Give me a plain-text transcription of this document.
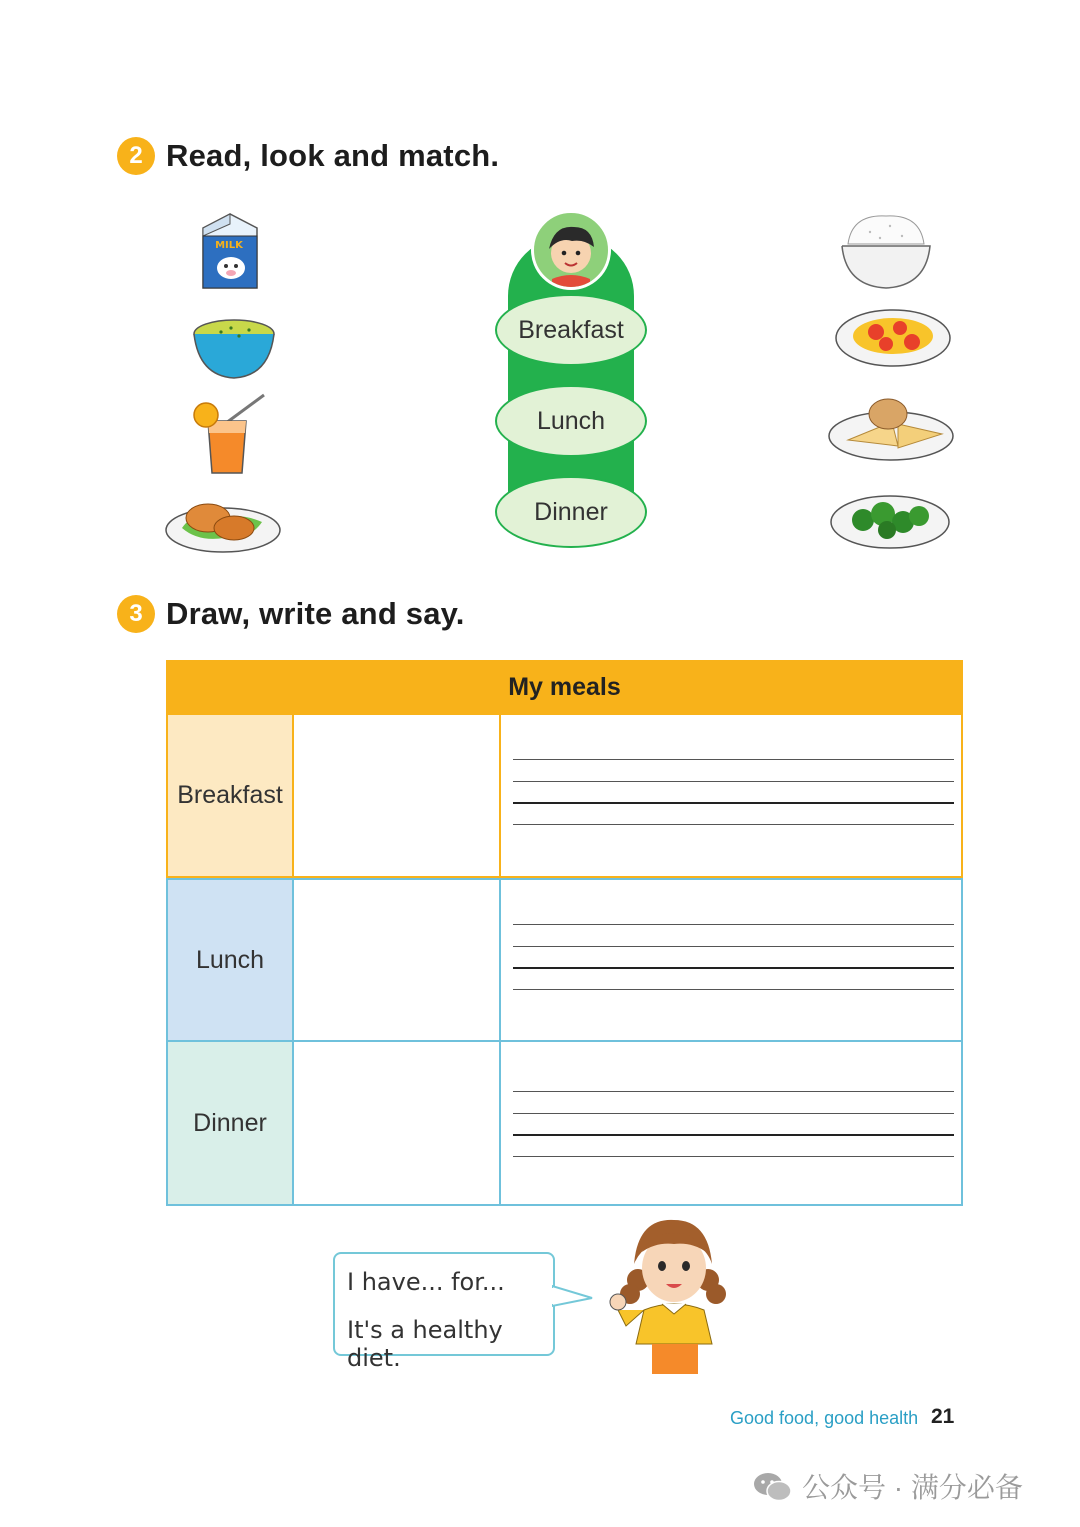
2 Read, look and match.
MILK
Breakfast
Lunch
Dinner
3 Draw, write and say.
My meals
Breakfast
Lunch
Dinner
I have... for...
It's a healthy diet.
Good food, good health 21
公众号 · 满分必备
